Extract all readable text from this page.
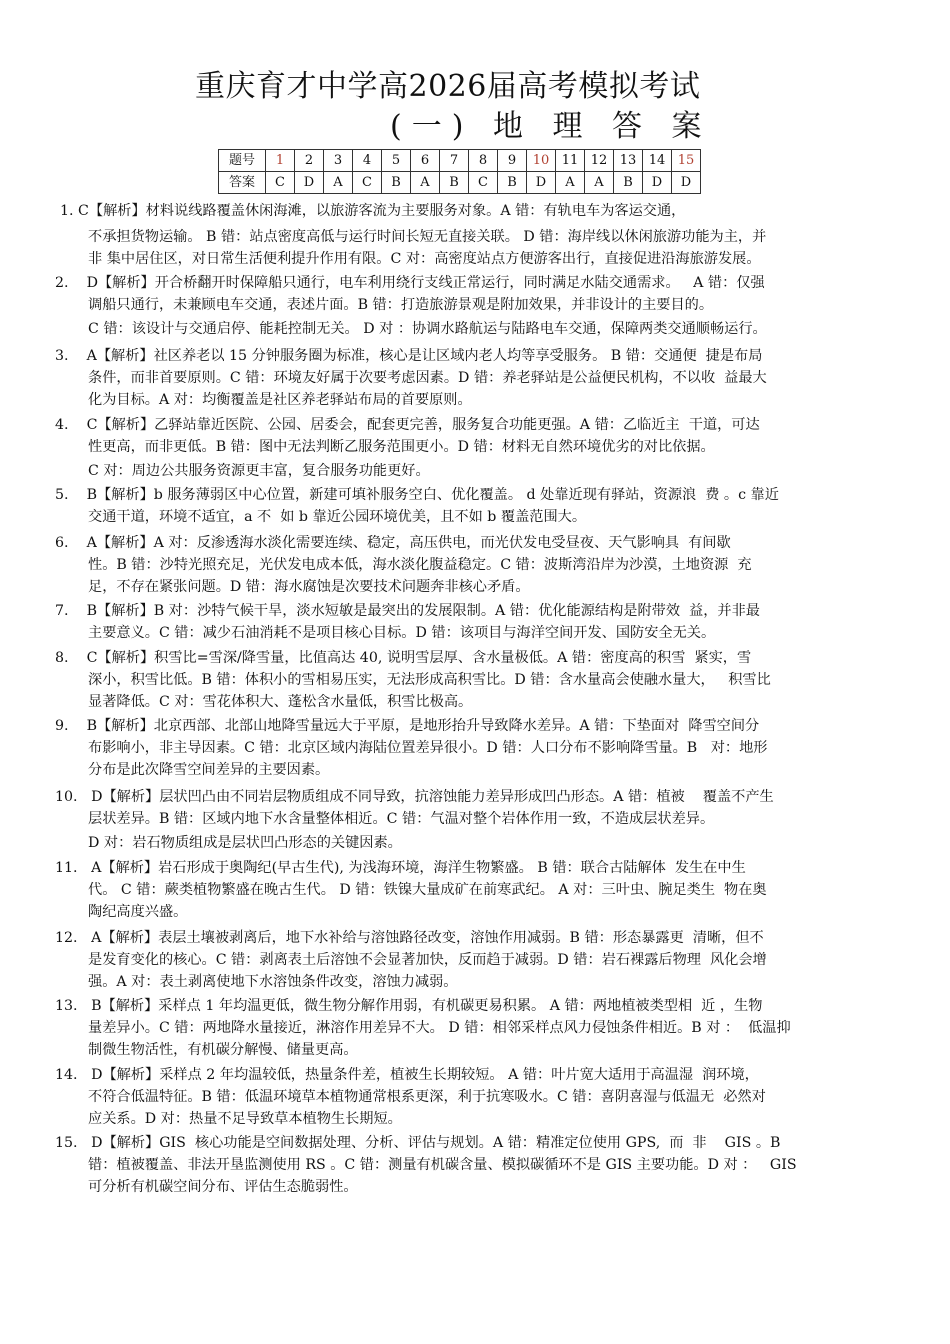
重庆育才中学高2026届高考模拟考试
(一) 地 理 答 案
题号	1	2	3	4	5	6	7	8	9	10	11	12	13	14	15
答案	C	D	A	C	B	A	B	C	B	D	A	A	B	D	D
1. C【解析】材料说线路覆盖休闲海滩，以旅游客流为主要服务对象。A 错：有轨电车为客运交通，
不承担货物运输。 B 错：站点密度高低与运行时间长短无直接关联。 D 错：海岸线以休闲旅游功能为主，并
非 集中居住区，对日常生活便利提升作用有限。C 对：高密度站点方便游客出行，直接促进沿海旅游发展。
2.    D【解析】开合桥翻开时保障船只通行，电车利用绕行支线正常运行，同时满足水陆交通需求。   A 错：仅强
调船只通行，未兼顾电车交通，表述片面。B 错：打造旅游景观是附加效果，并非设计的主要目的。
C 错：该设计与交通启停、能耗控制无关。 D 对 ：协调水路航运与陆路电车交通，保障两类交通顺畅运行。
3.    A【解析】社区养老以 15 分钟服务圈为标准，核心是让区域内老人均等享受服务。 B 错：交通便  捷是布局
条件，而非首要原则。C 错：环境友好属于次要考虑因素。D 错：养老驿站是公益便民机构，不以收  益最大
化为目标。A 对：均衡覆盖是社区养老驿站布局的首要原则。
4.    C【解析】乙驿站靠近医院、公园、居委会，配套更完善，服务复合功能更强。A 错：乙临近主  干道，可达
性更高，而非更低。B 错：图中无法判断乙服务范围更小。D 错：材料无自然环境优劣的对比依据。
C 对：周边公共服务资源更丰富，复合服务功能更好。
5.    B【解析】b 服务薄弱区中心位置，新建可填补服务空白、优化覆盖。 d 处靠近现有驿站，资源浪  费 。c 靠近
交通干道，环境不适宜，a 不  如 b 靠近公园环境优美，且不如 b 覆盖范围大。
6.    A【解析】A 对：反渗透海水淡化需要连续、稳定，高压供电，而光伏发电受昼夜、天气影响具  有间歇
性。B 错：沙特光照充足，光伏发电成本低，海水淡化腹益稳定。C 错：波斯湾沿岸为沙漠，土地资源  充
足，不存在紧张问题。D 错：海水腐蚀是次要技术问题奔非核心矛盾。
7.    B【解析】B 对：沙特气候干旱，淡水短敏是最突出的发展限制。A 错：优化能源结构是附带效  益，并非最
主要意义。C 错：减少石油消耗不是项目核心目标。D 错：该项目与海洋空间开发、国防安全无关。
8.    C【解析】积雪比=雪深/降雪量，比值高达 40, 说明雪层厚、含水量极低。A 错：密度高的积雪  紧实，雪
深小，积雪比低。B 错：体积小的雪相易压实，无法形成高积雪比。D 错：含水量高会使融水量大，   积雪比
显著降低。C 对：雪花体积大、蓬松含水量低，积雪比极高。
9.    B【解析】北京西部、北部山地降雪量远大于平原，是地形抬升导致降水差异。A 错：下垫面对  降雪空间分
布影响小，非主导因素。C 错：北京区域内海陆位置差异很小。D 错：人口分布不影响降雪量。B   对：地形
分布是此次降雪空间差异的主要因素。
10.   D【解析】层状凹凸由不同岩层物质组成不同导致，抗溶蚀能力差异形成凹凸形态。A 错：植被    覆盖不产生
层状差异。B 错：区域内地下水含量整体相近。C 错：气温对整个岩体作用一致，不造成层状差异。
D 对：岩石物质组成是层状凹凸形态的关键因素。
11.   A【解析】岩石形成于奥陶纪(早古生代), 为浅海环境，海洋生物繁盛。 B 错：联合古陆解体  发生在中生
代。 C 错：蕨类植物繁盛在晚古生代。 D 错：铁镍大量成矿在前寒武纪。 A 对：三叶虫、腕足类生  物在奥
陶纪高度兴盛。
12.   A【解析】表层土壤被剥离后，地下水补给与溶蚀路径改变，溶蚀作用减弱。B 错：形态暴露更  清晰，但不
是发育变化的核心。C 错：剥离表土后溶蚀不会显著加快，反而趋于减弱。D 错：岩石裸露后物理  风化会增
强。A 对：表土剥离使地下水溶蚀条件改变，溶蚀力减弱。
13.   B【解析】采样点 1 年均温更低，微生物分解作用弱，有机碳更易积累。 A 错：两地植被类型相  近 ，生物
量差异小。C 错：两地降水量接近，淋溶作用差异不大。 D 错：相邻采样点风力侵蚀条件相近。B 对 ：  低温抑
制微生物活性，有机碳分解慢、储量更高。
14.   D【解析】采样点 2 年均温较低，热量条件差，植被生长期较短。 A 错：叶片宽大适用于高温湿  润环境，
不符合低温特征。B 错：低温环境草本植物通常根系更深，利于抗寒吸水。C 错：喜阴喜湿与低温无  必然对
应关系。D 对：热量不足导致草本植物生长期短。
15.   D【解析】GIS  核心功能是空间数据处理、分析、评估与规划。A 错：精准定位使用 GPS,  而  非    GIS 。B
错：植被覆盖、非法开垦监测使用 RS 。C 错：测量有机碳含量、模拟碳循环不是 GIS 主要功能。D 对 ：   GIS
可分析有机碳空间分布、评估生态脆弱性。
